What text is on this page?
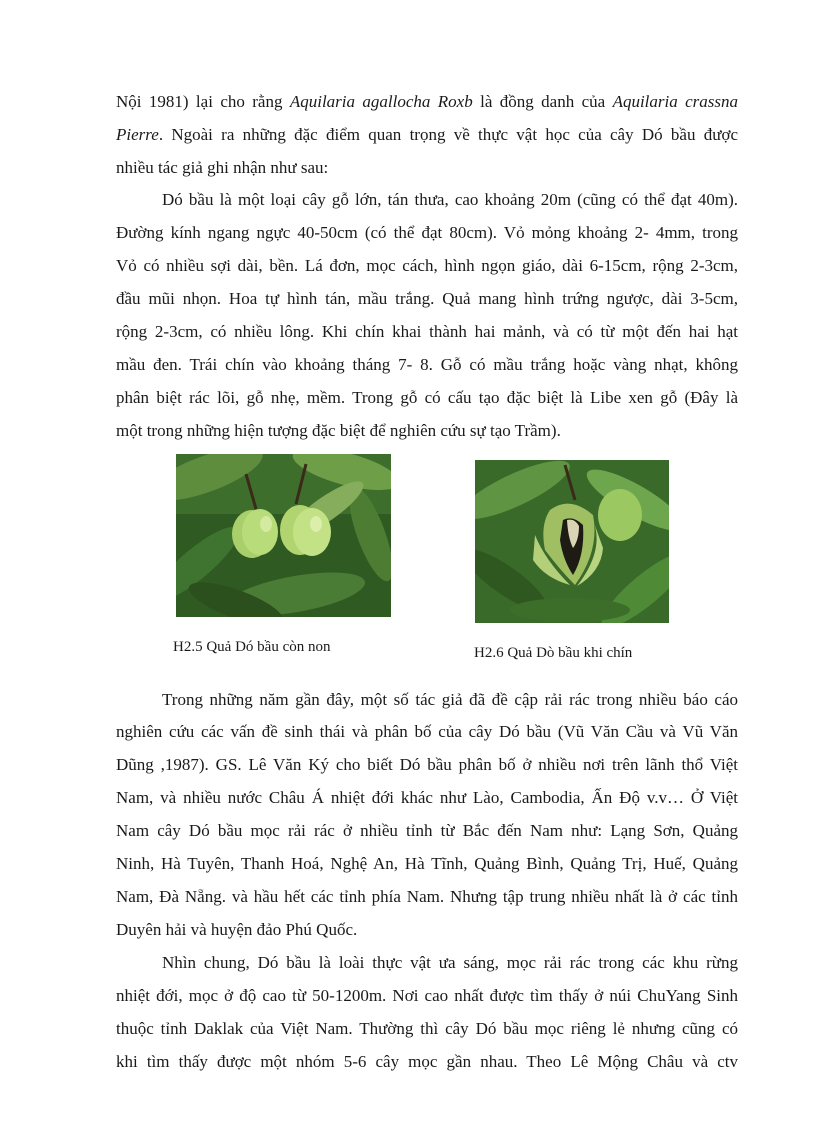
Nội 1981) lại cho rằng Aquilaria agallocha Roxb là đồng danh của Aquilaria crassna
Pierre. Ngoài ra những đặc điểm quan trọng về thực vật học của cây Dó bầu được
nhiều tác giả ghi nhận như sau:
Dó bầu là một loại cây gỗ lớn, tán thưa, cao khoảng 20m (cũng có thể đạt 40m).
Đường kính ngang ngực 40-50cm (có thể đạt 80cm). Vỏ mỏng khoảng 2- 4mm, trong
Vỏ có nhiều sợi dài, bền. Lá đơn, mọc cách, hình ngọn giáo, dài 6-15cm, rộng 2-3cm,
đầu mũi nhọn. Hoa tự hình tán, mầu trắng. Quả mang hình trứng ngược, dài 3-5cm,
rộng 2-3cm, có nhiều lông. Khi chín khai thành hai mảnh, và có từ một đến hai hạt
mầu đen. Trái chín vào khoảng tháng 7- 8. Gỗ có mầu trắng hoặc vàng nhạt, không
phân biệt rác lõi, gỗ nhẹ, mềm. Trong gỗ có cấu tạo đặc biệt là Libe xen gỗ (Đây là
một trong những hiện tượng đặc biệt để nghiên cứu sự tạo Trầm).
H2.5 Quả Dó bầu còn non	H2.6 Quả Dò bầu khi chín
Trong những năm gần đây, một số tác giả đã đề cập rải rác trong nhiều báo cáo
nghiên cứu các vấn đề sinh thái và phân bố của cây Dó bầu (Vũ Văn Cầu và Vũ Văn
Dũng ,1987). GS. Lê Văn Ký cho biết Dó bầu phân bố ở nhiều nơi trên lãnh thổ Việt
Nam, và nhiều nước Châu Á nhiệt đới khác như Lào, Cambodia, Ấn Độ v.v… Ở Việt
Nam cây Dó bầu mọc rải rác ở nhiều tỉnh từ Bắc đến Nam như: Lạng Sơn, Quảng
Ninh, Hà Tuyên, Thanh Hoá, Nghệ An, Hà Tĩnh, Quảng Bình, Quảng Trị, Huế, Quảng
Nam, Đà Nẵng. và hầu hết các tỉnh phía Nam. Nhưng tập trung nhiều nhất là ở các tỉnh
Duyên hải và huyện đảo Phú Quốc.
Nhìn chung, Dó bầu là loài thực vật ưa sáng, mọc rải rác trong các khu rừng
nhiệt đới, mọc ở độ cao từ 50-1200m. Nơi cao nhất được tìm thấy ở núi ChuYang Sinh
thuộc tỉnh Daklak của Việt Nam. Thường thì cây Dó bầu mọc riêng lẻ nhưng cũng có
khi tìm thấy được một nhóm 5-6 cây mọc gần nhau. Theo Lê Mộng Châu và ctv
